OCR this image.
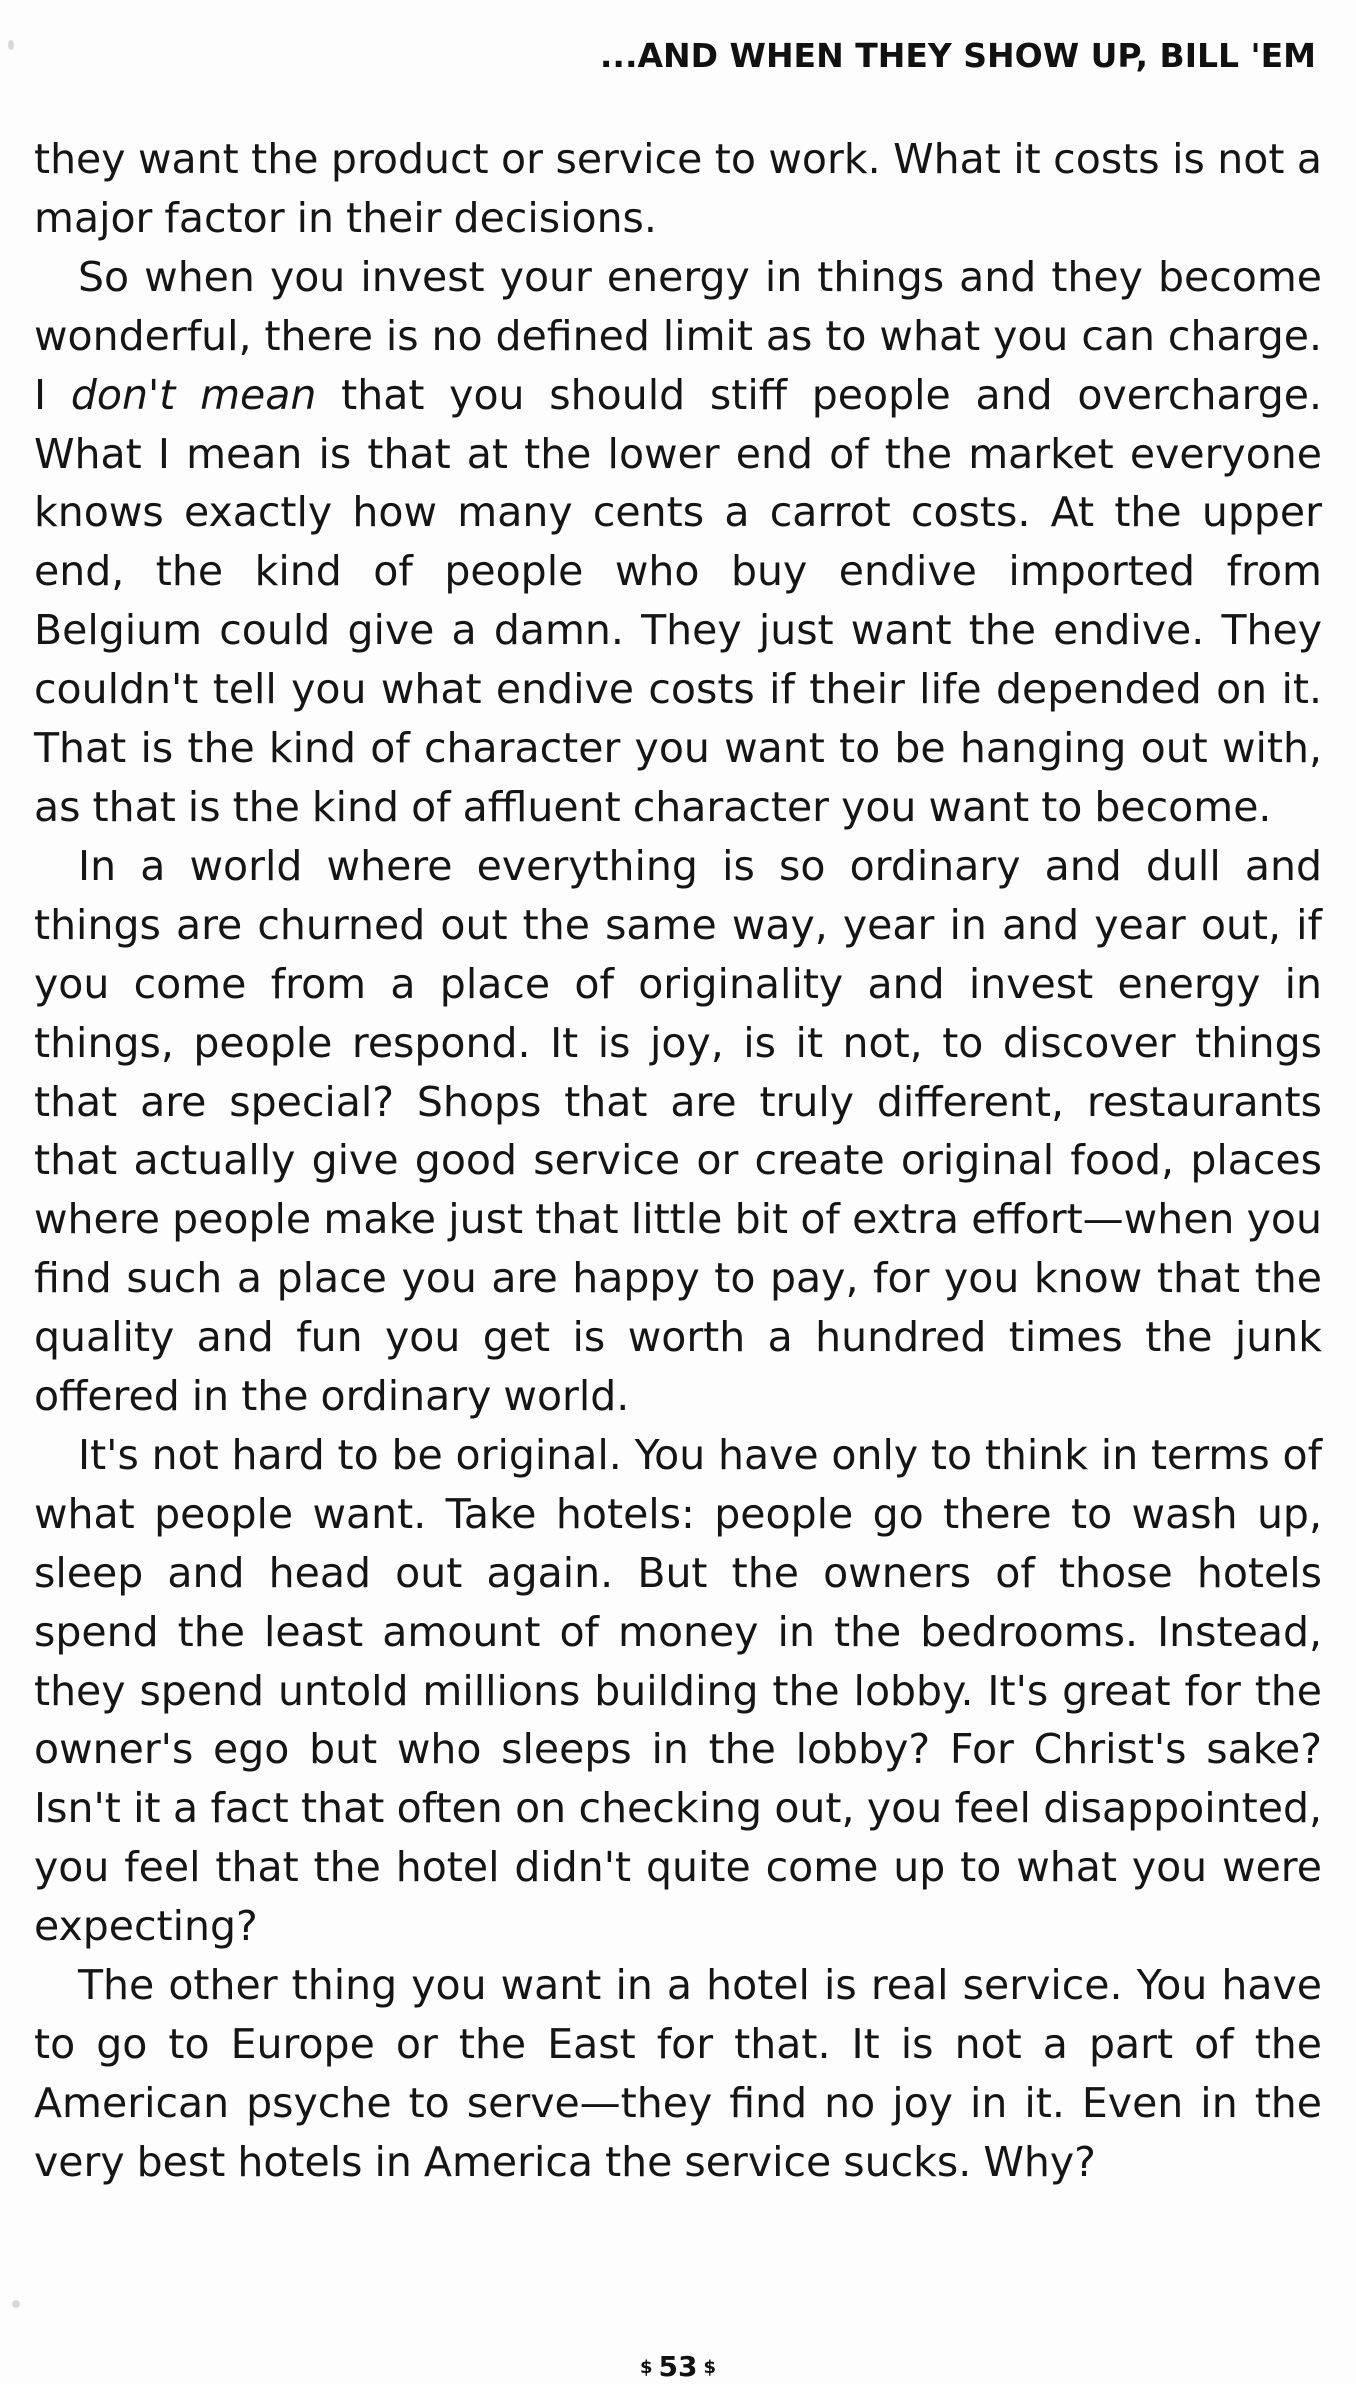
...AND WHEN THEY SHOW UP, BILL 'EM

they want the product or service to work. What it costs is not a major factor in their decisions.

So when you invest your energy in things and they become wonderful, there is no defined limit as to what you can charge. I don't mean that you should stiff people and overcharge. What I mean is that at the lower end of the market everyone knows exactly how many cents a carrot costs. At the upper end, the kind of people who buy endive imported from Belgium could give a damn. They just want the endive. They couldn't tell you what endive costs if their life depended on it. That is the kind of character you want to be hanging out with, as that is the kind of affluent character you want to become.

In a world where everything is so ordinary and dull and things are churned out the same way, year in and year out, if you come from a place of originality and invest energy in things, people respond. It is joy, is it not, to discover things that are special? Shops that are truly different, restaurants that actually give good service or create original food, places where people make just that little bit of extra effort—when you find such a place you are happy to pay, for you know that the quality and fun you get is worth a hundred times the junk offered in the ordinary world.

It's not hard to be original. You have only to think in terms of what people want. Take hotels: people go there to wash up, sleep and head out again. But the owners of those hotels spend the least amount of money in the bedrooms. Instead, they spend untold millions building the lobby. It's great for the owner's ego but who sleeps in the lobby? For Christ's sake? Isn't it a fact that often on checking out, you feel disappointed, you feel that the hotel didn't quite come up to what you were expecting?

The other thing you want in a hotel is real service. You have to go to Europe or the East for that. It is not a part of the American psyche to serve—they find no joy in it. Even in the very best hotels in America the service sucks. Why?

$ 53 $
